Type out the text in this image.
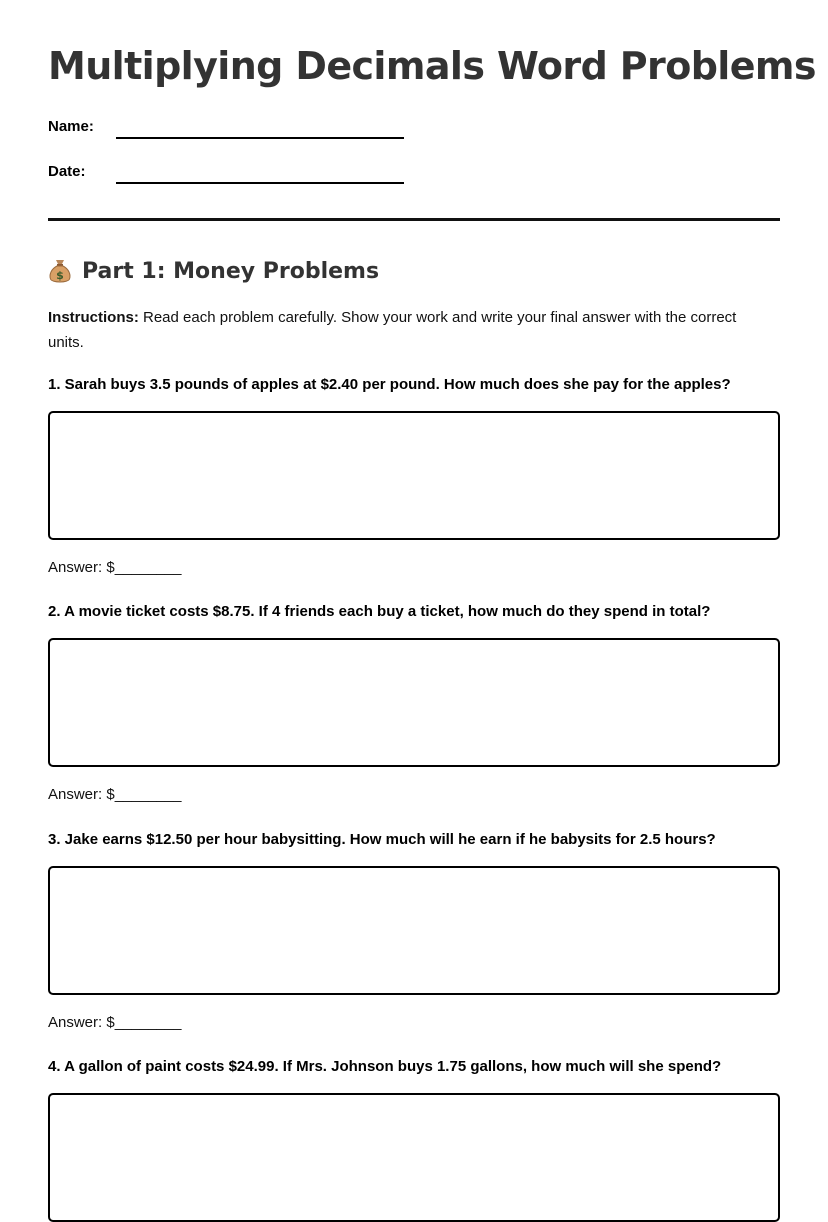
Multiplying Decimals Word Problems
Name:
Date:
$ Part 1: Money Problems
Instructions: Read each problem carefully. Show your work and write your final answer with the correct units.
1. Sarah buys 3.5 pounds of apples at $2.40 per pound. How much does she pay for the apples?
Answer: $________
2. A movie ticket costs $8.75. If 4 friends each buy a ticket, how much do they spend in total?
Answer: $________
3. Jake earns $12.50 per hour babysitting. How much will he earn if he babysits for 2.5 hours?
Answer: $________
4. A gallon of paint costs $24.99. If Mrs. Johnson buys 1.75 gallons, how much will she spend?
